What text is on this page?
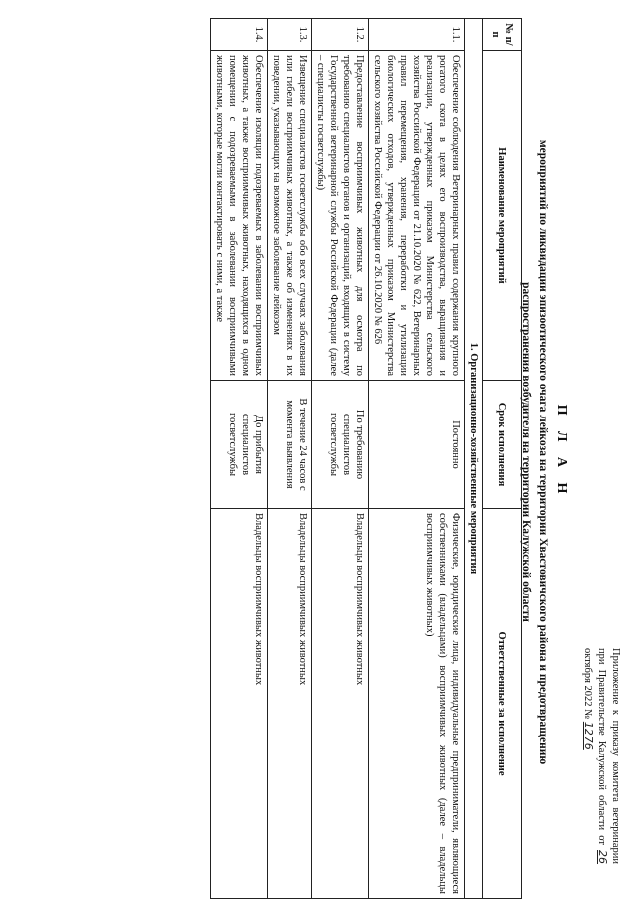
Приложение к приказу комитета ветеринарии при Правительстве Калужской области от 26 октября 2022 № 1276
П Л А Н
мероприятий по ликвидации эпизоотического очага лейкоза на территории Хвастовичского района и предотвращению
распространения возбудителя на территории Калужской области
№ п/п	Наименование мероприятий	Срок исполнения	Ответственные за исполнение
1. Организационно-хозяйственные мероприятия			
1.1.	Обеспечение соблюдения Ветеринарных правил содержания крупного рогатого скота в целях его воспроизводства, выращивания и реализации, утвержденных приказом Министерства сельского хозяйства Российской Федерации от 21.10.2020 № 622, Ветеринарных правил перемещения, хранения, переработки и утилизации биологических отходов, утвержденных приказом Министерства сельского хозяйства Российской Федерации от 26.10.2020 № 626	Постоянно	Физические, юридические лица, индивидуальные предприниматели, являющиеся собственниками (владельцами) восприимчивых животных (далее – владельцы восприимчивых животных)
1.2.	Предоставление восприимчивых животных для осмотра по требованию специалистов органов и организаций, входящих в систему Государственной ветеринарной службы Российской Федерации (далее – специалисты госветслужбы)	По требованию специалистов госветслужбы	Владельцы восприимчивых животных
1.3.	Извещение специалистов госветслужбы обо всех случаях заболевания или гибели восприимчивых животных, а также об изменениях в их поведении, указывающих на возможное заболевание лейкозом	В течение 24 часов с момента выявления	Владельцы восприимчивых животных
1.4.	Обеспечение изоляции подозреваемых в заболевании восприимчивых животных, а также восприимчивых животных, находящихся в одном помещении с подозреваемыми в заболевании восприимчивыми животными, которые могли контактировать с ними, а также	До прибытия специалистов госветслужбы	Владельцы восприимчивых животных
